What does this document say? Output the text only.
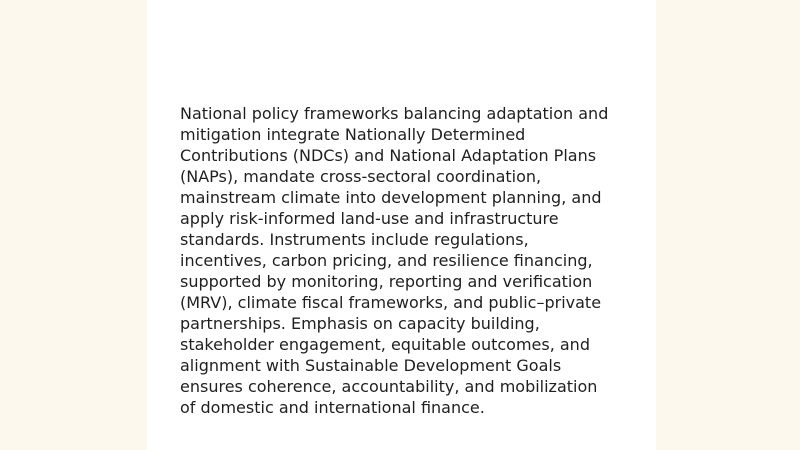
National policy frameworks balancing adaptation and
mitigation integrate Nationally Determined
Contributions (NDCs) and National Adaptation Plans
(NAPs), mandate cross-sectoral coordination,
mainstream climate into development planning, and
apply risk-informed land-use and infrastructure
standards. Instruments include regulations,
incentives, carbon pricing, and resilience financing,
supported by monitoring, reporting and verification
(MRV), climate fiscal frameworks, and public–private
partnerships. Emphasis on capacity building,
stakeholder engagement, equitable outcomes, and
alignment with Sustainable Development Goals
ensures coherence, accountability, and mobilization
of domestic and international finance.
